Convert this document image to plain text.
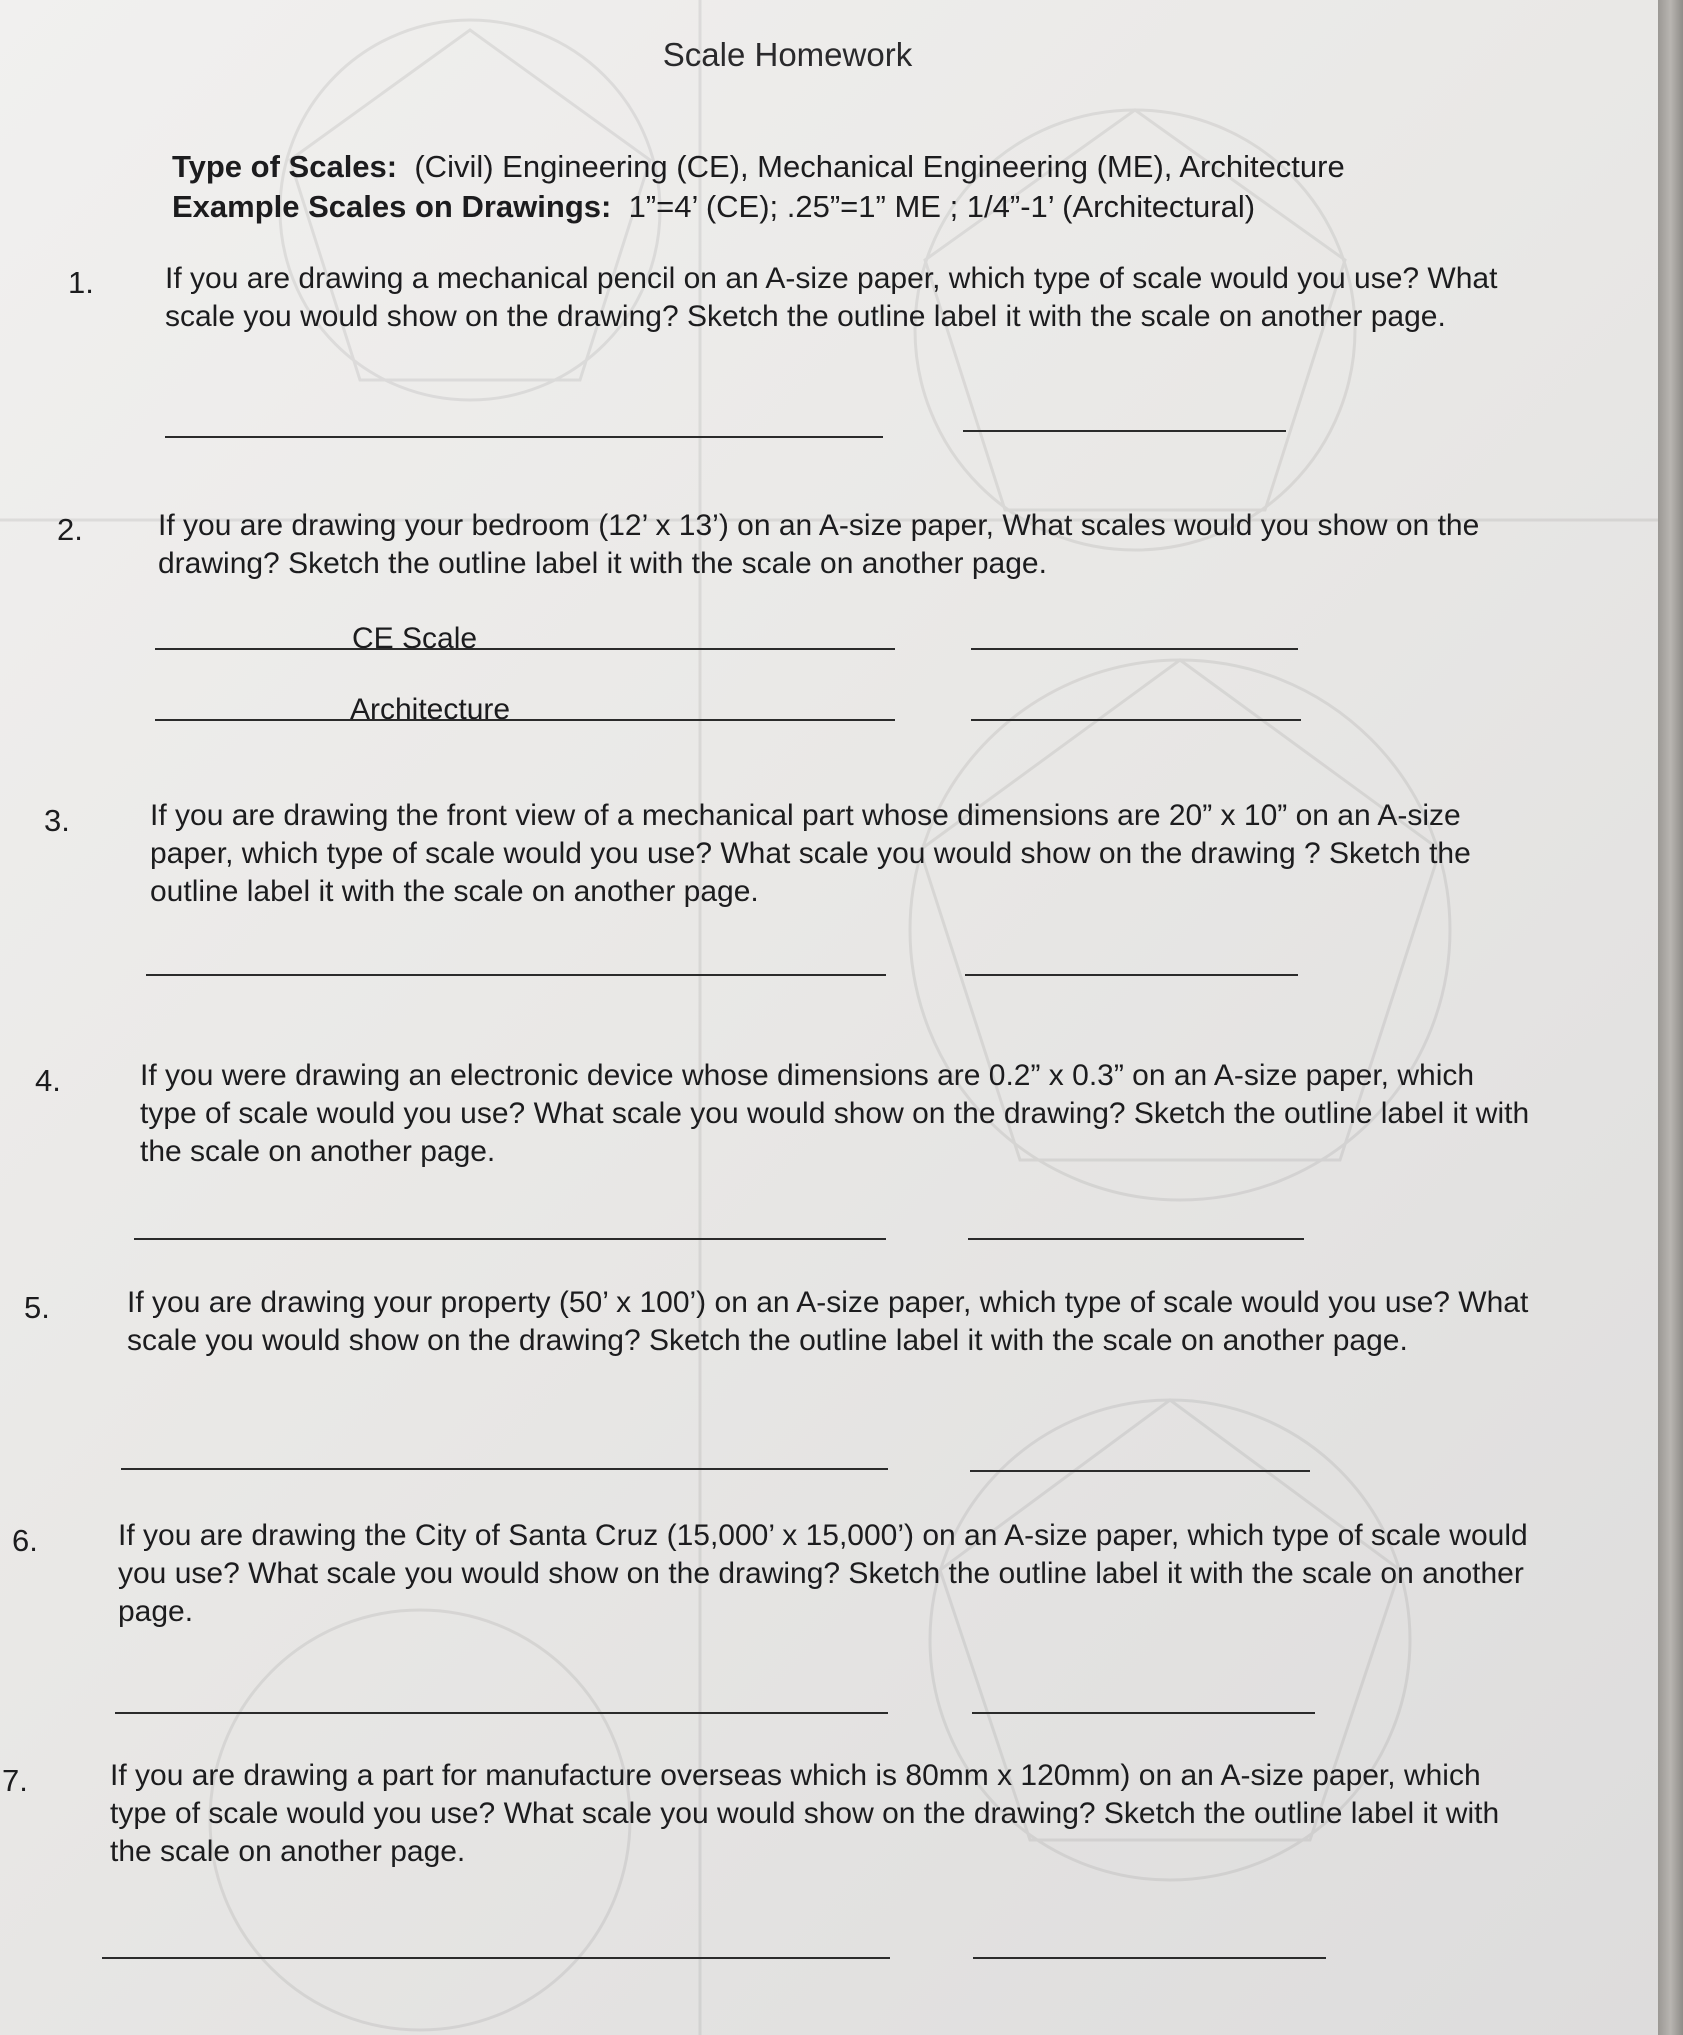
Scale Homework
Type of Scales: (Civil) Engineering (CE), Mechanical Engineering (ME), Architecture
Example Scales on Drawings: 1”=4’ (CE); .25”=1” ME ; 1/4”-1’ (Architectural)
1. If you are drawing a mechanical pencil on an A-size paper, which type of scale would you use? What scale you would show on the drawing? Sketch the outline label it with the scale on another page.
2.	If you are drawing your bedroom (12’ x 13’) on an A-size paper, What scales would you show on the drawing? Sketch the outline label it with the scale on another page.
CE Scale
Architecture
3.	If you are drawing the front view of a mechanical part whose dimensions are 20” x 10” on an A-size paper, which type of scale would you use? What scale you would show on the drawing ? Sketch the outline label it with the scale on another page.
4.	If you were drawing an electronic device whose dimensions are 0.2” x 0.3” on an A-size paper, which type of scale would you use? What scale you would show on the drawing? Sketch the outline label it with the scale on another page.
5.	If you are drawing your property (50’ x 100’) on an A-size paper, which type of scale would you use? What scale you would show on the drawing? Sketch the outline label it with the scale on another page.
6.	If you are drawing the City of Santa Cruz (15,000’ x 15,000’) on an A-size paper, which type of scale would you use? What scale you would show on the drawing? Sketch the outline label it with the scale on another page.
7.	If you are drawing a part for manufacture overseas which is 80mm x 120mm) on an A-size paper, which type of scale would you use? What scale you would show on the drawing? Sketch the outline label it with the scale on another page.
